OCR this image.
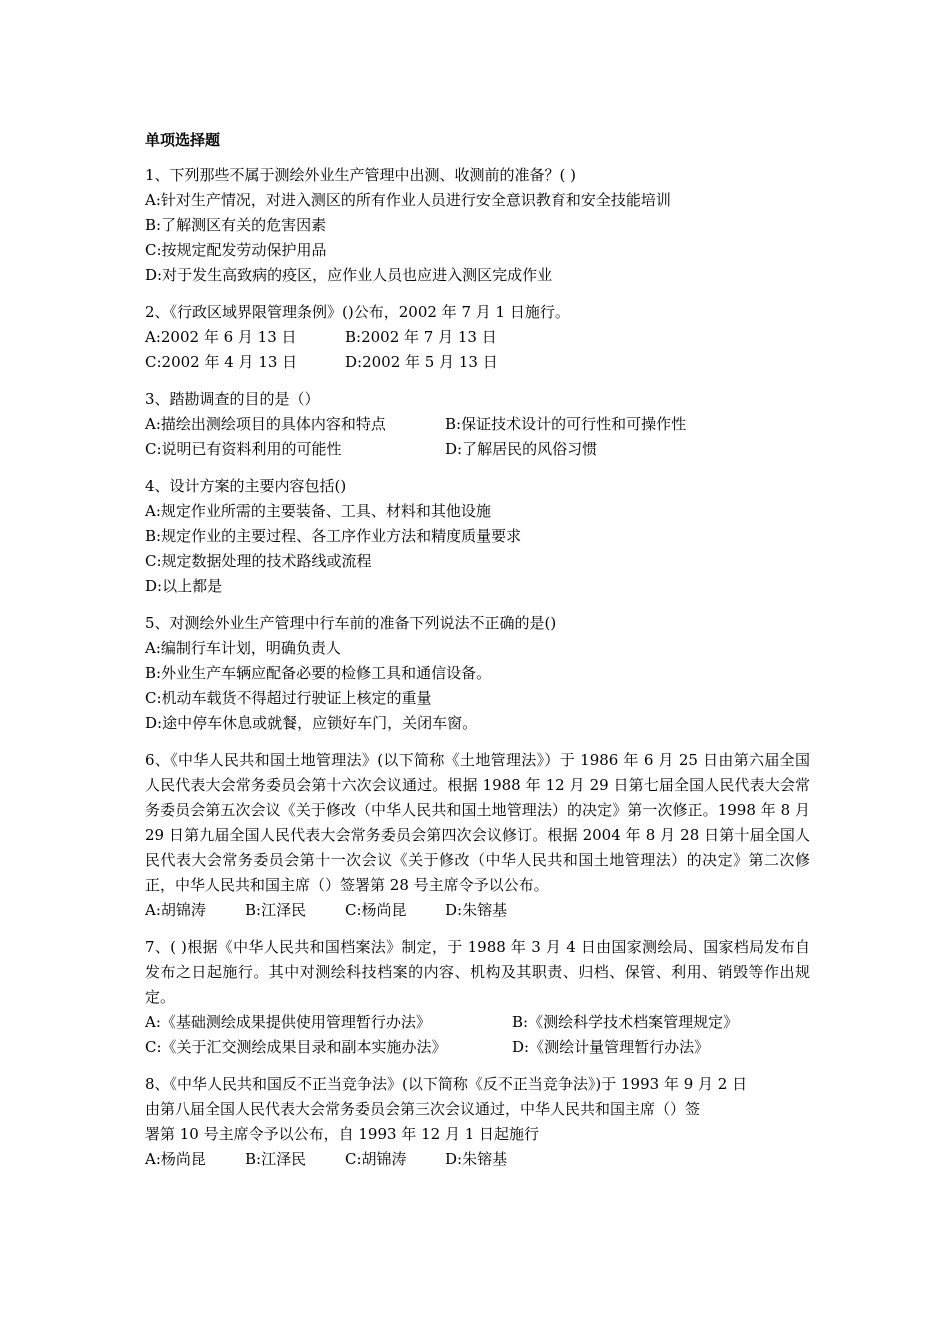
单项选择题
1、下列那些不属于测绘外业生产管理中出测、收测前的准备？( )
A:针对生产情况，对进入测区的所有作业人员进行安全意识教育和安全技能培训
B:了解测区有关的危害因素
C:按规定配发劳动保护用品
D:对于发生高致病的疫区，应作业人员也应进入测区完成作业
2、《行政区域界限管理条例》()公布，2002 年 7 月 1 日施行。
A:2002 年 6 月 13 日	B:2002 年 7 月 13 日
C:2002 年 4 月 13 日	D:2002 年 5 月 13 日
3、踏勘调查的目的是（）
A:描绘出测绘项目的具体内容和特点	B:保证技术设计的可行性和可操作性
C:说明已有资料利用的可能性	D:了解居民的风俗习惯
4、设计方案的主要内容包括()
A:规定作业所需的主要装备、工具、材料和其他设施
B:规定作业的主要过程、各工序作业方法和精度质量要求
C:规定数据处理的技术路线或流程
D:以上都是
5、对测绘外业生产管理中行车前的准备下列说法不正确的是()
A:编制行车计划，明确负责人
B:外业生产车辆应配备必要的检修工具和通信设备。
C:机动车载货不得超过行驶证上核定的重量
D:途中停车休息或就餐，应锁好车门，关闭车窗。
6、《中华人民共和国土地管理法》(以下简称《土地管理法》）于 1986 年 6 月 25 日由第六届全国人民代表大会常务委员会第十六次会议通过。根据 1988 年 12 月 29 日第七届全国人民代表大会常务委员会第五次会议《关于修改（中华人民共和国土地管理法）的决定》第一次修正。1998 年 8 月 29 日第九届全国人民代表大会常务委员会第四次会议修订。根据 2004 年 8 月 28 日第十届全国人民代表大会常务委员会第十一次会议《关于修改（中华人民共和国土地管理法）的决定》第二次修正，中华人民共和国主席（）签署第 28 号主席令予以公布。
A:胡锦涛	B:江泽民	C:杨尚昆	D:朱镕基
7、( )根据《中华人民共和国档案法》制定，于 1988 年 3 月 4 日由国家测绘局、国家档局发布自发布之日起施行。其中对测绘科技档案的内容、机构及其职责、归档、保管、利用、销毁等作出规定。
A:《基础测绘成果提供使用管理暂行办法》	B:《测绘科学技术档案管理规定》
C:《关于汇交测绘成果目录和副本实施办法》	D:《测绘计量管理暂行办法》
8、《中华人民共和国反不正当竞争法》(以下简称《反不正当竞争法》)于 1993 年 9 月 2 日
由第八届全国人民代表大会常务委员会第三次会议通过，中华人民共和国主席（）签
署第 10 号主席令予以公布，自 1993 年 12 月 1 日起施行
A:杨尚昆	B:江泽民	C:胡锦涛	D:朱镕基
